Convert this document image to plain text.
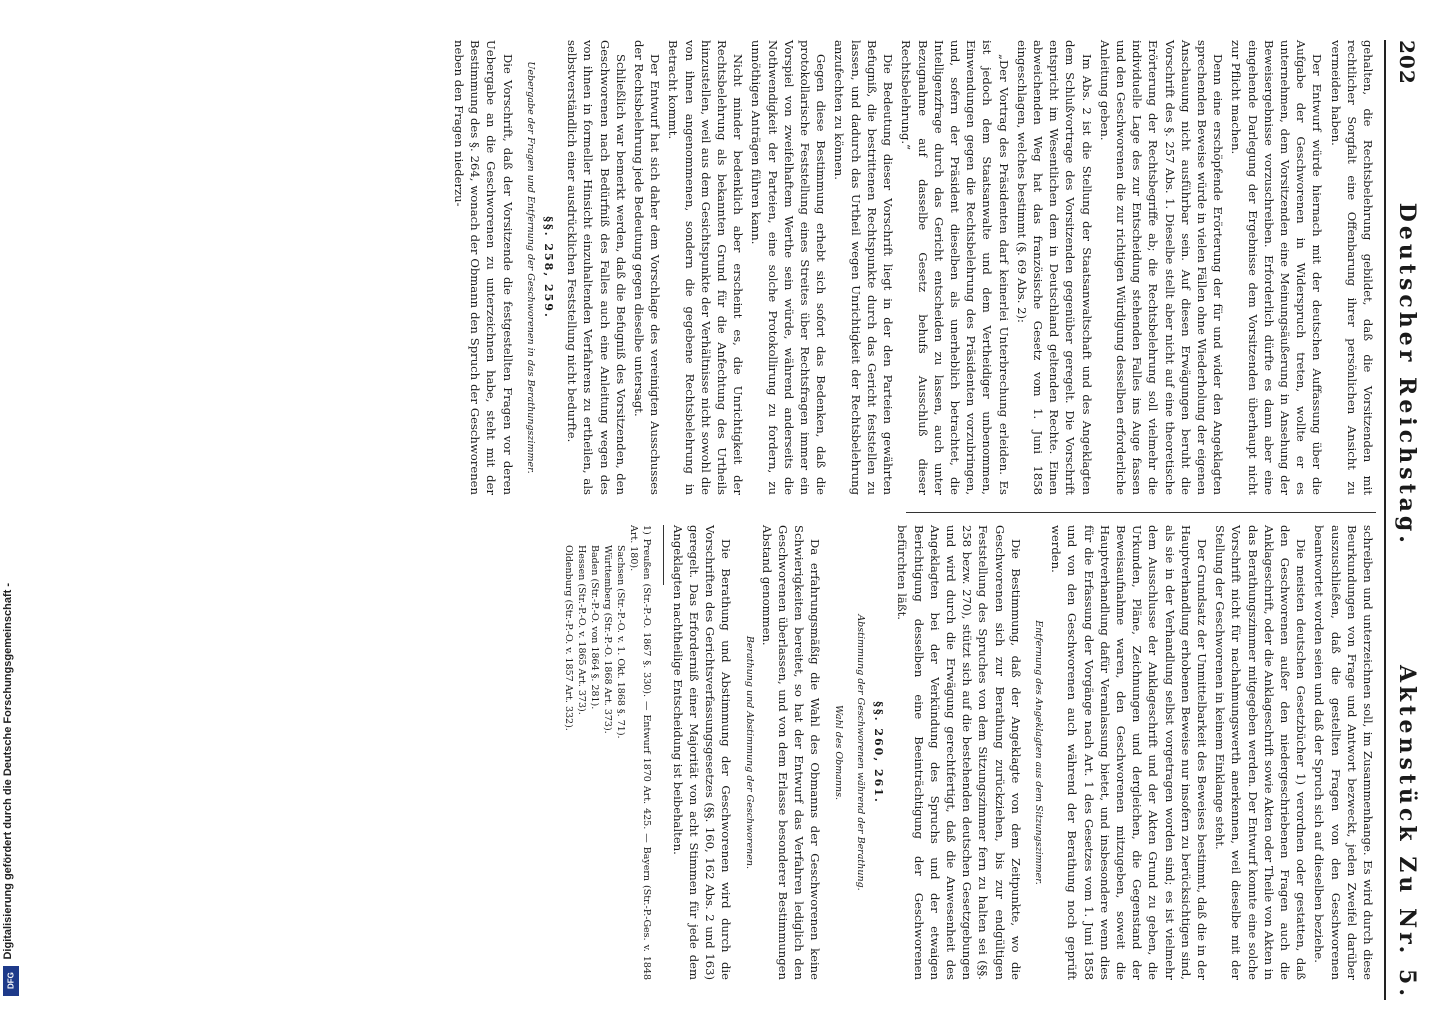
Digitalisierung gefördert durch die Deutsche Forschungsgemeinschaft -
DFG
202
Deutscher Reichstag.
Aktenstück Zu Nr. 5.

gehalten, die Rechtsbelehrung gebildet, daß die Vorsitzenden mit rechtlicher Sorgfalt eine Offenbarung ihrer persönlichen Ansicht zu vermeiden haben.

Der Entwurf würde hiernach mit der deutschen Auffassung über die Aufgabe der Geschworenen in Widerspruch treten, wollte er es unternehmen, dem Vorsitzenden eine Meinungsäußerung in Ansehung der Beweisergebnisse vorzuschreiben. Erforderlich dürfte es dann aber eine eingehende Darlegung der Ergebnisse dem Vorsitzenden überhaupt nicht zur Pflicht machen.

Denn eine erschöpfende Erörterung der für und wider den Angeklagten sprechenden Beweise würde in vielen Fällen ohne Wiederholung der eigenen Anschauung nicht ausführbar sein. Auf diesen Erwägungen beruht die Vorschrift des §. 257 Abs. 1. Dieselbe stellt aber nicht auf eine theoretische Erörterung der Rechtsbegriffe ab; die Rechtsbelehrung soll vielmehr die individuelle Lage des zur Entscheidung stehenden Falles ins Auge fassen und den Geschworenen die zur richtigen Würdigung desselben erforderliche Anleitung geben.

Im Abs. 2 ist die Stellung der Staatsanwaltschaft und des Angeklagten dem Schlußvortrage des Vorsitzenden gegenüber geregelt. Die Vorschrift entspricht im Wesentlichen dem in Deutschland geltenden Rechte. Einen abweichenden Weg hat das französische Gesetz vom 1. Juni 1858 eingeschlagen, welches bestimmt (§. 69 Abs. 2):

„Der Vortrag des Präsidenten darf keinerlei Unterbrechung erleiden. Es ist jedoch dem Staatsanwalte und dem Vertheidiger unbenommen, Einwendungen gegen die Rechtsbelehrung des Präsidenten vorzubringen, und, sofern der Präsident dieselben als unerheblich betrachtet, die Intelligenzfrage durch das Gericht entscheiden zu lassen, auch unter Bezugnahme auf dasselbe Gesetz behufs Ausschluß dieser Rechtsbelehrung.“

Die Bedeutung dieser Vorschrift liegt in der den Parteien gewährten Befugniß, die bestrittenen Rechtspunkte durch das Gericht feststellen zu lassen, und dadurch das Urtheil wegen Unrichtigkeit der Rechtsbelehrung anzufechten zu können.

Gegen diese Bestimmung erhebt sich sofort das Bedenken, daß die protokollarische Feststellung eines Streites über Rechtsfragen immer ein Vorspiel von zweifelhaftem Werthe sein würde, während anderseits die Nothwendigkeit der Parteien, eine solche Protokollirung zu fordern, zu unnöthigen Anträgen führen kann.

Nicht minder bedenklich aber erscheint es, die Unrichtigkeit der Rechtsbelehrung als bekannten Grund für die Anfechtung des Urtheils hinzustellen, weil aus dem Gesichtspunkte der Verhältnisse nicht sowohl die von ihnen angenommenen, sondern die gegebene Rechtsbelehrung in Betracht kommt.

Der Entwurf hat sich daher dem Vorschlage des vereinigten Ausschusses der Rechtsbelehrung jede Bedeutung gegen dieselbe untersagt.

Schließlich war bemerkt werden, daß die Befugniß des Vorsitzenden, den Geschworenen nach Bedürfniß des Falles auch eine Anleitung wegen des von ihnen in formeller Hinsicht einzuhaltenden Verfahrens zu ertheilen, als selbstverständlich einer ausdrücklichen Feststellung nicht bedurfte.

§§. 258, 259.
Uebergabe der Fragen und Entfernung der Geschworenen in das Berathungszimmer.

Die Vorschrift, daß der Vorsitzende die festgestellten Fragen vor deren Uebergabe an die Geschworenen zu unterzeichnen habe, steht mit der Bestimmung des §. 264, wonach der Obmann den Spruch der Geschworenen neben den Fragen niederzu-

schreiben und unterzeichnen soll, im Zusammenhange. Es wird durch diese Beurkundungen von Frage und Antwort bezweckt, jeden Zweifel darüber auszuschließen, daß die gestellten Fragen von den Geschworenen beantwortet worden seien und daß der Spruch sich auf dieselben beziehe.

Die meisten deutschen Gesetzbücher 1) verordnen oder gestatten, daß den Geschworenen außer den niedergeschriebenen Fragen auch die Anklageschrift, oder die Anklageschrift sowie Akten oder Theile von Akten in das Berathungszimmer mitgegeben werden. Der Entwurf konnte eine solche Vorschrift nicht für nachahmungswerth anerkennen, weil dieselbe mit der Stellung der Geschworenen in keinem Einklange steht.

Der Grundsatz der Unmittelbarkeit des Beweises bestimmt, daß die in der Hauptverhandlung erhobenen Beweise nur insofern zu berücksichtigen sind, als sie in der Verhandlung selbst vorgetragen worden sind; es ist vielmehr dem Ausschlusse der Anklageschrift und der Akten Grund zu geben, die Urkunden, Pläne, Zeichnungen und dergleichen, die Gegenstand der Beweisaufnahme waren, den Geschworenen mitzugeben, soweit die Hauptverhandlung dafür Veranlassung bietet, und insbesondere wenn dies für die Erfassung der Vorgänge nach Art. 1 des Gesetzes vom 1. Juni 1858 und von den Geschworenen auch während der Berathung noch geprüft werden.

Entfernung des Angeklagten aus dem Sitzungszimmer.

Die Bestimmung, daß der Angeklagte von dem Zeitpunkte, wo die Geschworenen sich zur Berathung zurückziehen, bis zur endgültigen Feststellung des Spruches von dem Sitzungszimmer fern zu halten sei (§§. 258 bezw. 270), stützt sich auf die bestehenden deutschen Gesetzgebungen und wird durch die Erwägung gerechtfertigt, daß die Anwesenheit des Angeklagten bei der Verkündung des Spruchs und der etwaigen Berichtigung desselben eine Beeinträchtigung der Geschworenen befürchten läßt.

§§. 260, 261.
Abstimmung der Geschworenen während der Berathung.
Wahl des Obmanns.

Da erfahrungsmäßig die Wahl des Obmanns der Geschworenen keine Schwierigkeiten bereitet, so hat der Entwurf das Verfahren lediglich den Geschworenen überlassen, und von dem Erlasse besonderer Bestimmungen Abstand genommen.

Berathung und Abstimmung der Geschworenen.

Die Berathung und Abstimmung der Geschworenen wird durch die Vorschriften des Gerichtsverfassungsgesetzes (§§. 160, 162 Abs. 2 und 163) geregelt. Das Erforderniß einer Majorität von acht Stimmen für jede dem Angeklagten nachtheilige Entscheidung ist beibehalten.

1) Preußen (Str.-P.-O. 1867 §. 330). — Entwurf 1870 Art. 425. — Bayern (Str.-P.-Ges. v. 1848 Art. 180).
Sachsen (Str.-P.-O. v. 1. Okt. 1868 §. 71).
Württemberg (Str.-P.-O. 1868 Art. 373).
Baden (Str.-P.-O. von 1864 §. 281).
Hessen (Str.-P.-O. v. 1865 Art. 373).
Oldenburg (Str.-P.-O. v. 1857 Art. 332).
